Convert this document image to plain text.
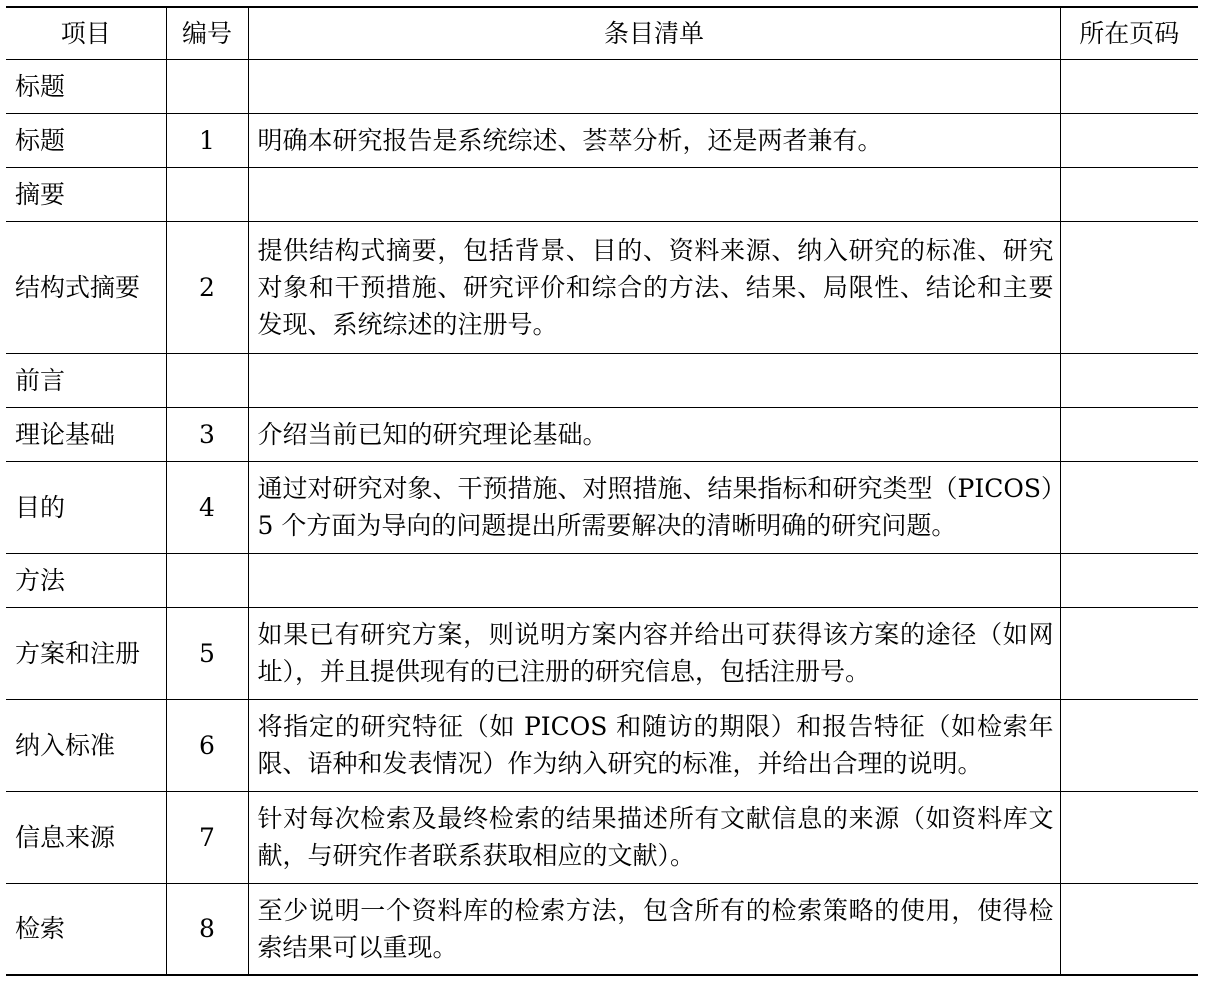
项目	编号	条目清单	所在页码
标题			
标题	1	明确本研究报告是系统综述、荟萃分析，还是两者兼有。	
摘要			
结构式摘要	2	提供结构式摘要，包括背景、目的、资料来源、纳入研究的标准、研究对象和干预措施、研究评价和综合的方法、结果、局限性、结论和主要发现、系统综述的注册号。	
前言			
理论基础	3	介绍当前已知的研究理论基础。	
目的	4	通过对研究对象、干预措施、对照措施、结果指标和研究类型（PICOS）5 个方面为导向的问题提出所需要解决的清晰明确的研究问题。	
方法			
方案和注册	5	如果已有研究方案，则说明方案内容并给出可获得该方案的途径（如网址），并且提供现有的已注册的研究信息，包括注册号。	
纳入标准	6	将指定的研究特征（如 PICOS 和随访的期限）和报告特征（如检索年限、语种和发表情况）作为纳入研究的标准，并给出合理的说明。	
信息来源	7	针对每次检索及最终检索的结果描述所有文献信息的来源（如资料库文献，与研究作者联系获取相应的文献）。	
检索	8	至少说明一个资料库的检索方法，包含所有的检索策略的使用，使得检索结果可以重现。	
